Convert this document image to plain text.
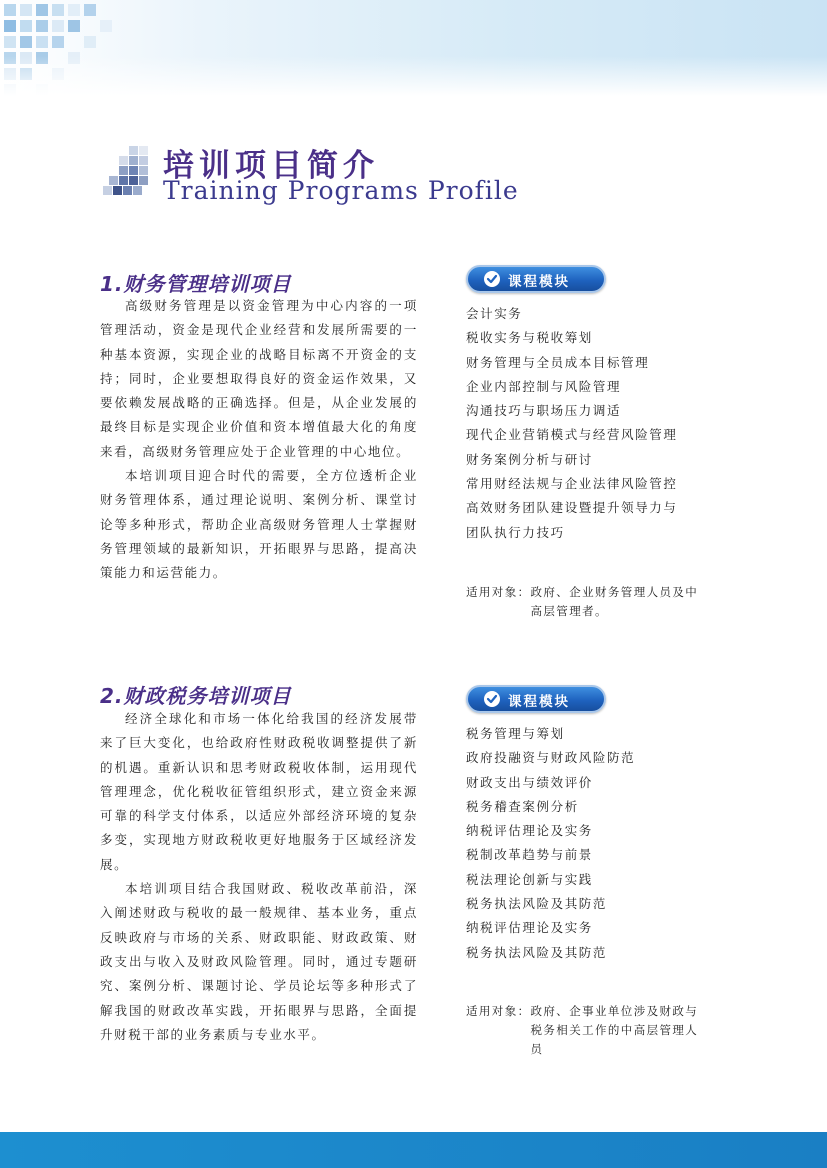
培训项目简介
Training Programs Profile
1.财务管理培训项目

高级财务管理是以资金管理为中心内容的一项管理活动，资金是现代企业经营和发展所需要的一种基本资源，实现企业的战略目标离不开资金的支持；同时，企业要想取得良好的资金运作效果，又要依赖发展战略的正确选择。但是，从企业发展的最终目标是实现企业价值和资本增值最大化的角度来看，高级财务管理应处于企业管理的中心地位。

本培训项目迎合时代的需要，全方位透析企业财务管理体系，通过理论说明、案例分析、课堂讨论等多种形式，帮助企业高级财务管理人士掌握财务管理领域的最新知识，开拓眼界与思路，提高决策能力和运营能力。

课程模块
会计实务
税收实务与税收筹划
财务管理与全员成本目标管理
企业内部控制与风险管理
沟通技巧与职场压力调适
现代企业营销模式与经营风险管理
财务案例分析与研讨
常用财经法规与企业法律风险管控
高效财务团队建设暨提升领导力与
团队执行力技巧
适用对象： 政府、企业财务管理人员及中高层管理者。
2.财政税务培训项目

经济全球化和市场一体化给我国的经济发展带来了巨大变化，也给政府性财政税收调整提供了新的机遇。重新认识和思考财政税收体制，运用现代管理理念，优化税收征管组织形式，建立资金来源可靠的科学支付体系，以适应外部经济环境的复杂多变，实现地方财政税收更好地服务于区域经济发展。

本培训项目结合我国财政、税收改革前沿，深入阐述财政与税收的最一般规律、基本业务，重点反映政府与市场的关系、财政职能、财政政策、财政支出与收入及财政风险管理。同时，通过专题研究、案例分析、课题讨论、学员论坛等多种形式了解我国的财政改革实践，开拓眼界与思路，全面提升财税干部的业务素质与专业水平。

课程模块
税务管理与筹划
政府投融资与财政风险防范
财政支出与绩效评价
税务稽查案例分析
纳税评估理论及实务
税制改革趋势与前景
税法理论创新与实践
税务执法风险及其防范
纳税评估理论及实务
税务执法风险及其防范
适用对象： 政府、企事业单位涉及财政与税务相关工作的中高层管理人员
